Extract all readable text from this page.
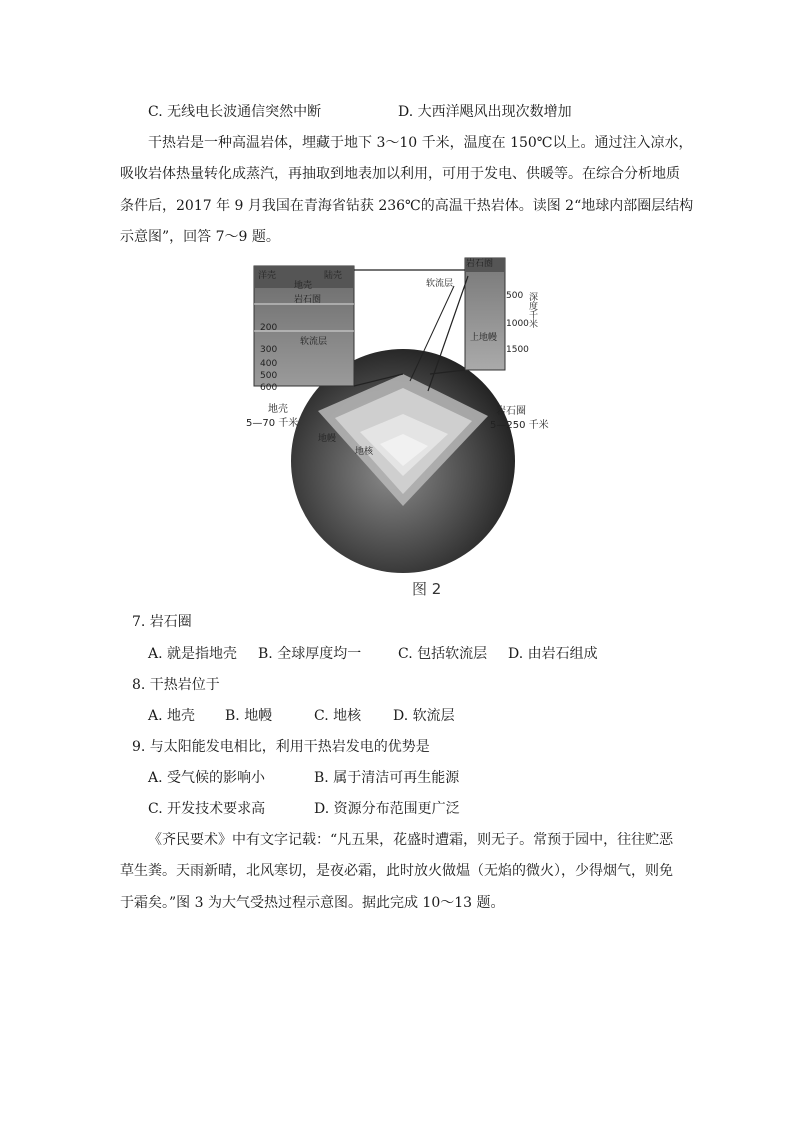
C. 无线电长波通信突然中断	D. 大西洋飓风出现次数增加
干热岩是一种高温岩体，埋藏于地下 3～10 千米，温度在 150℃以上。通过注入凉水，
吸收岩体热量转化成蒸汽，再抽取到地表加以利用，可用于发电、供暖等。在综合分析地质
条件后，2017 年 9 月我国在青海省钻获 236℃的高温干热岩体。读图 2“地球内部圈层结构
示意图”，回答 7～9 题。
洋壳	陆壳
地壳
岩石圈
软流层
200
300
400
500
600
岩石圈
软流层
500
1000
1500
上地幔
深度千米
地壳
5—70 千米
岩石圈
5—250 千米
地幔
地核
图 2
7. 岩石圈
A. 就是指地壳 B. 全球厚度均一	C. 包括软流层 D. 由岩石组成
8. 干热岩位于
A. 地壳 B. 地幔	C. 地核 D. 软流层
9. 与太阳能发电相比，利用干热岩发电的优势是
A. 受气候的影响小	B. 属于清洁可再生能源
C. 开发技术要求高	D. 资源分布范围更广泛
《齐民要术》中有文字记载：“凡五果，花盛时遭霜，则无子。常预于园中，往往贮恶
草生粪。天雨新晴，北风寒切，是夜必霜，此时放火做煴（无焰的微火），少得烟气，则免
于霜矣。”图 3 为大气受热过程示意图。据此完成 10～13 题。
